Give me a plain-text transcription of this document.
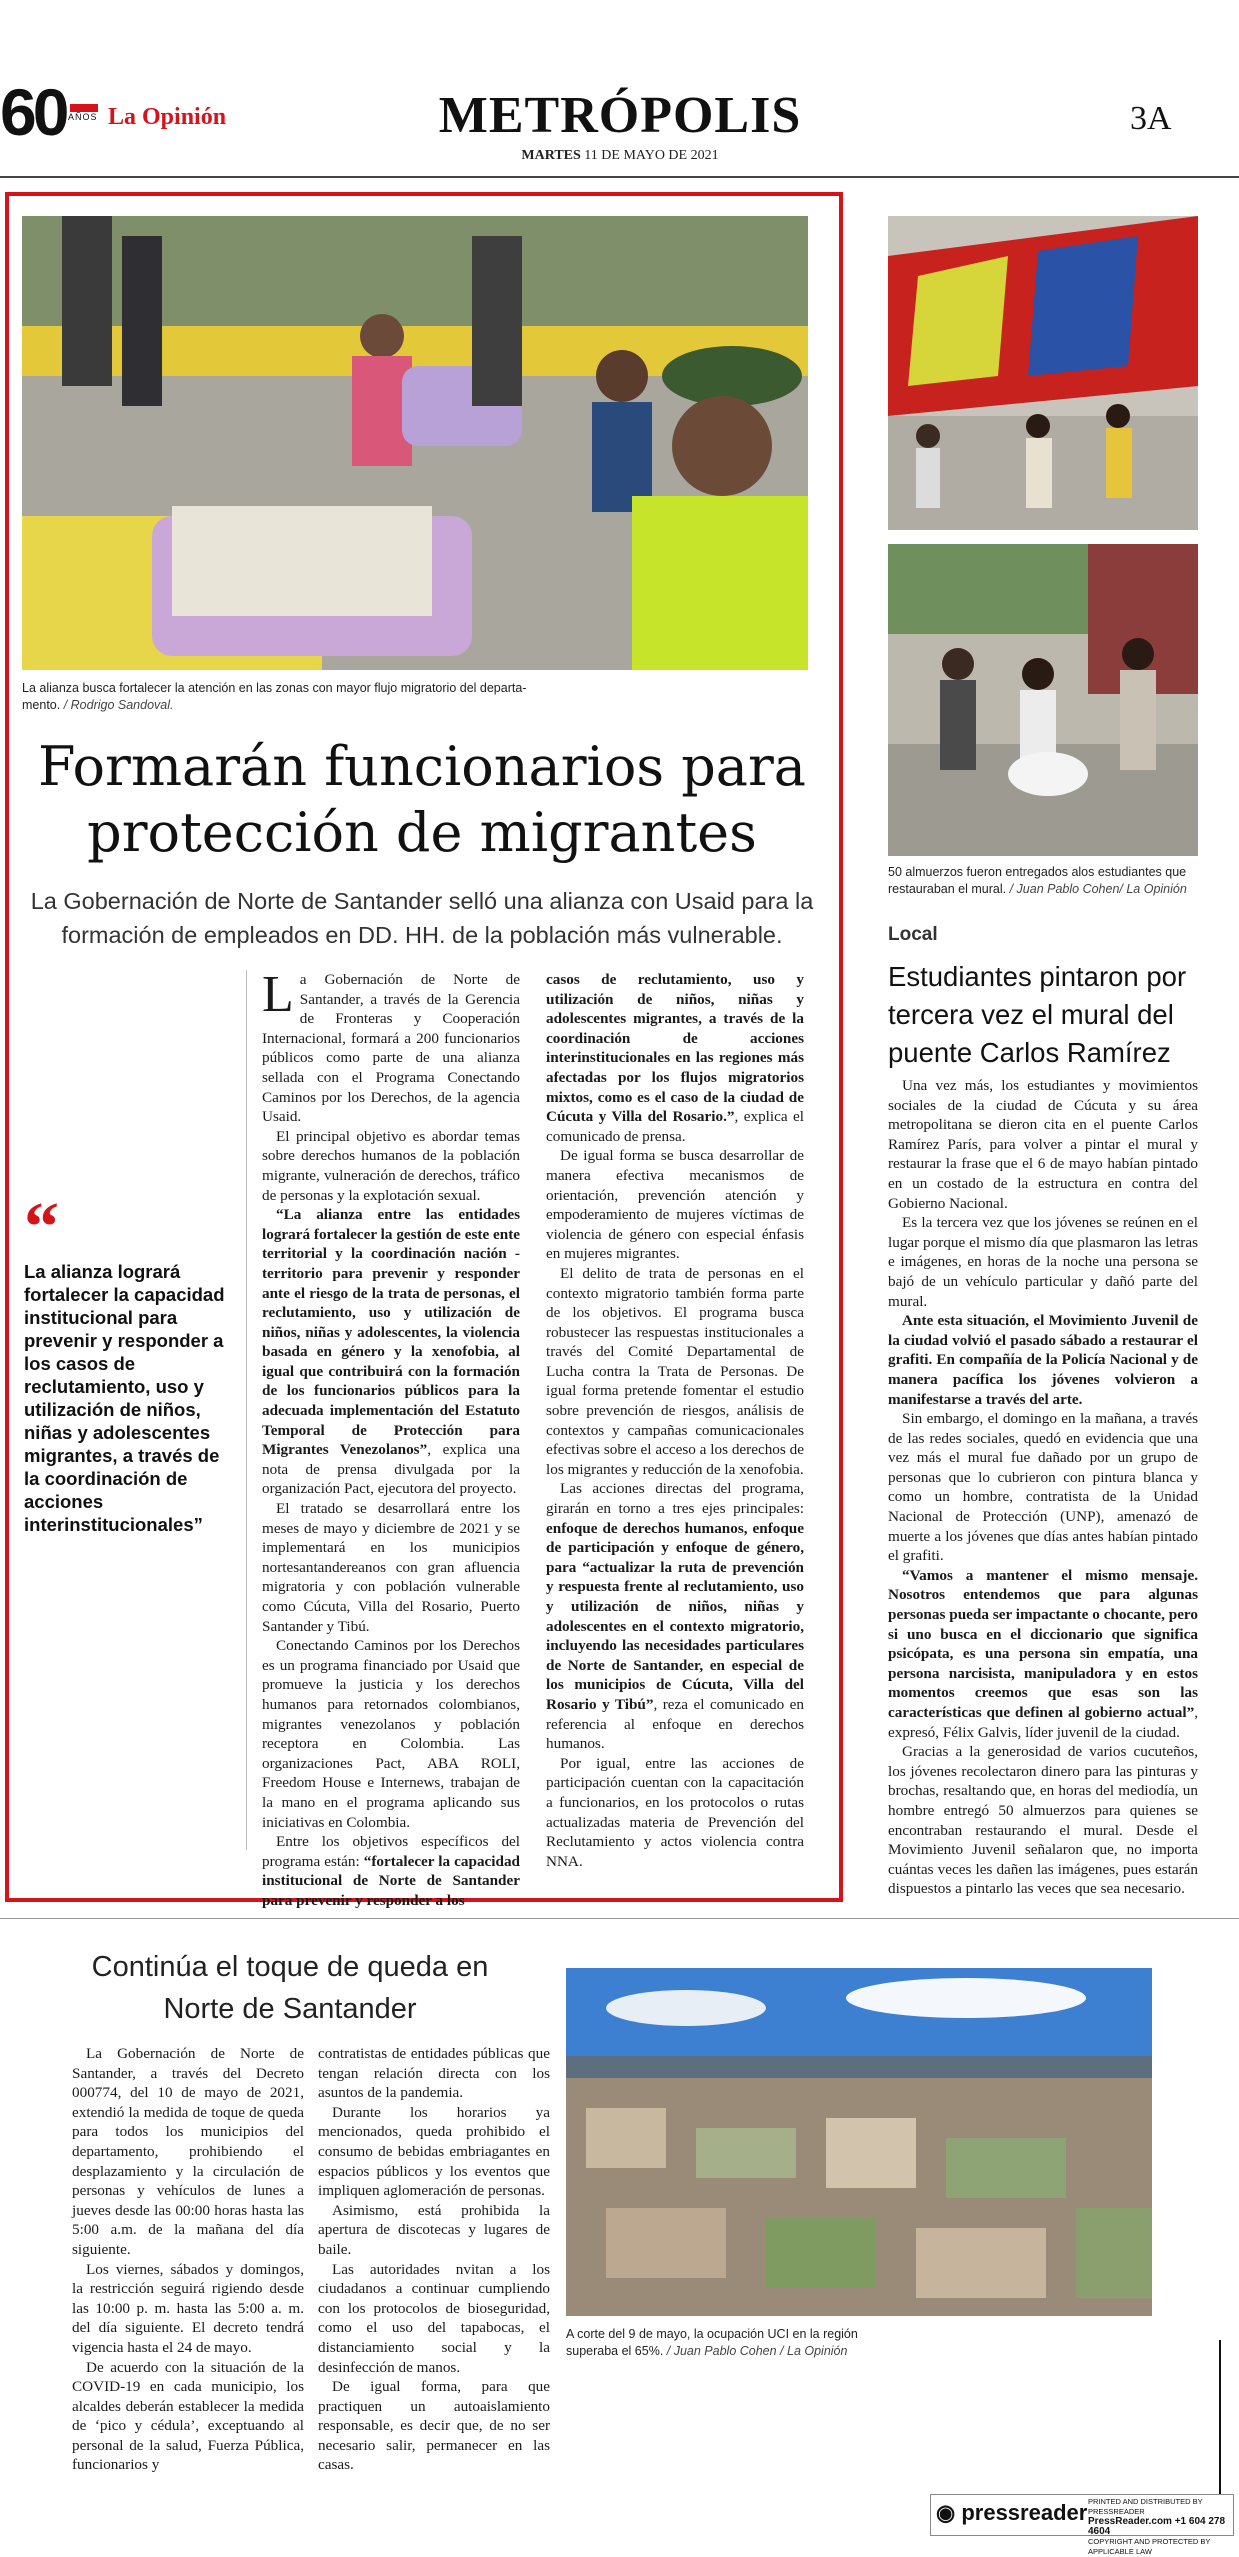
60 AÑOS La Opinión	METRÓPOLIS
MARTES 11 DE MAYO DE 2021
3A
La alianza busca fortalecer la atención en las zonas con mayor flujo migratorio del departa-mento. / Rodrigo Sandoval.
Formarán funcionarios para protección de migrantes
La Gobernación de Norte de Santander selló una alianza con Usaid para la formación de empleados en DD. HH. de la población más vulnerable.
“
La alianza logrará fortalecer la capacidad institucional para prevenir y responder a los casos de reclutamiento, uso y utilización de niños, niñas y adolescentes migrantes, a través de la coordinación de acciones interinstitucionales”

La Gobernación de Norte de Santander, a través de la Gerencia de Fronteras y Cooperación Internacional, formará a 200 funcionarios públicos como parte de una alianza sellada con el Programa Conectando Caminos por los Derechos, de la agencia Usaid.

El principal objetivo es abordar temas sobre derechos humanos de la población migrante, vulneración de derechos, tráfico de personas y la explotación sexual.

“La alianza entre las entidades logrará fortalecer la gestión de este ente territorial y la coordinación nación - territorio para prevenir y responder ante el riesgo de la trata de personas, el reclutamiento, uso y utilización de niños, niñas y adolescentes, la violencia basada en género y la xenofobia, al igual que contribuirá con la formación de los funcionarios públicos para la adecuada implementación del Estatuto Temporal de Protección para Migrantes Venezolanos”, explica una nota de prensa divulgada por la organización Pact, ejecutora del proyecto.

El tratado se desarrollará entre los meses de mayo y diciembre de 2021 y se implementará en los municipios nortesantandereanos con gran afluencia migratoria y con población vulnerable como Cúcuta, Villa del Rosario, Puerto Santander y Tibú.

Conectando Caminos por los Derechos es un programa financiado por Usaid que promueve la justicia y los derechos humanos para retornados colombianos, migrantes venezolanos y población receptora en Colombia. Las organizaciones Pact, ABA ROLI, Freedom House e Internews, trabajan de la mano en el programa aplicando sus iniciativas en Colombia.

Entre los objetivos específicos del programa están: “fortalecer la capacidad institucional de Norte de Santander para prevenir y responder a los

casos de reclutamiento, uso y utilización de niños, niñas y adolescentes migrantes, a través de la coordinación de acciones interinstitucionales en las regiones más afectadas por los flujos migratorios mixtos, como es el caso de la ciudad de Cúcuta y Villa del Rosario.”, explica el comunicado de prensa.

De igual forma se busca desarrollar de manera efectiva mecanismos de orientación, prevención atención y empoderamiento de mujeres víctimas de violencia de género con especial énfasis en mujeres migrantes.

El delito de trata de personas en el contexto migratorio también forma parte de los objetivos. El programa busca robustecer las respuestas institucionales a través del Comité Departamental de Lucha contra la Trata de Personas. De igual forma pretende fomentar el estudio sobre prevención de riesgos, análisis de contextos y campañas comunicacionales efectivas sobre el acceso a los derechos de los migrantes y reducción de la xenofobia.

Las acciones directas del programa, girarán en torno a tres ejes principales: enfoque de derechos humanos, enfoque de participación y enfoque de género, para “actualizar la ruta de prevención y respuesta frente al reclutamiento, uso y utilización de niños, niñas y adolescentes en el contexto migratorio, incluyendo las necesidades particulares de Norte de Santander, en especial de los municipios de Cúcuta, Villa del Rosario y Tibú”, reza el comunicado en referencia al enfoque en derechos humanos.

Por igual, entre las acciones de participación cuentan con la capacitación a funcionarios, en los protocolos o rutas actualizadas materia de Prevención del Reclutamiento y actos violencia contra NNA.

50 almuerzos fueron entregados alos estudiantes que restauraban el mural. / Juan Pablo Cohen/ La Opinión
Local
Estudiantes pintaron por tercera vez el mural del puente Carlos Ramírez

Una vez más, los estudiantes y movimientos sociales de la ciudad de Cúcuta y su área metropolitana se dieron cita en el puente Carlos Ramírez París, para volver a pintar el mural y restaurar la frase que el 6 de mayo habían pintado en un costado de la estructura en contra del Gobierno Nacional.

Es la tercera vez que los jóvenes se reúnen en el lugar porque el mismo día que plasmaron las letras e imágenes, en horas de la noche una persona se bajó de un vehículo particular y dañó parte del mural.

Ante esta situación, el Movimiento Juvenil de la ciudad volvió el pasado sábado a restaurar el grafiti. En compañía de la Policía Nacional y de manera pacífica los jóvenes volvieron a manifestarse a través del arte.

Sin embargo, el domingo en la mañana, a través de las redes sociales, quedó en evidencia que una vez más el mural fue dañado por un grupo de personas que lo cubrieron con pintura blanca y como un hombre, contratista de la Unidad Nacional de Protección (UNP), amenazó de muerte a los jóvenes que días antes habían pintado el grafiti.

“Vamos a mantener el mismo mensaje. Nosotros entendemos que para algunas personas pueda ser impactante o chocante, pero si uno busca en el diccionario que significa psicópata, es una persona sin empatía, una persona narcisista, manipuladora y en estos momentos creemos que esas son las características que definen al gobierno actual”, expresó, Félix Galvis, líder juvenil de la ciudad.

Gracias a la generosidad de varios cucuteños, los jóvenes recolectaron dinero para las pinturas y brochas, resaltando que, en horas del mediodía, un hombre entregó 50 almuerzos para quienes se encontraban restaurando el mural. Desde el Movimiento Juvenil señalaron que, no importa cuántas veces les dañen las imágenes, pues estarán dispuestos a pintarlo las veces que sea necesario.

Continúa el toque de queda en Norte de Santander

La Gobernación de Norte de Santander, a través del Decreto 000774, del 10 de mayo de 2021, extendió la medida de toque de queda para todos los municipios del departamento, prohibiendo el desplazamiento y la circulación de personas y vehículos de lunes a jueves desde las 00:00 horas hasta las 5:00 a.m. de la mañana del día siguiente.

Los viernes, sábados y domingos, la restricción seguirá rigiendo desde las 10:00 p. m. hasta las 5:00 a. m. del día siguiente. El decreto tendrá vigencia hasta el 24 de mayo.

De acuerdo con la situación de la COVID-19 en cada municipio, los alcaldes deberán establecer la medida de ‘pico y cédula’, exceptuando al personal de la salud, Fuerza Pública, funcionarios y

contratistas de entidades públicas que tengan relación directa con los asuntos de la pandemia.

Durante los horarios ya mencionados, queda prohibido el consumo de bebidas embriagantes en espacios públicos y los eventos que impliquen aglomeración de personas.

Asimismo, está prohibida la apertura de discotecas y lugares de baile.

Las autoridades nvitan a los ciudadanos a continuar cumpliendo con los protocolos de bioseguridad, como el uso del tapabocas, el distanciamiento social y la desinfección de manos.

De igual forma, para que practiquen un autoaislamiento responsable, es decir que, de no ser necesario salir, permanecer en las casas.

A corte del 9 de mayo, la ocupación UCI en la región superaba el 65%. / Juan Pablo Cohen / La Opinión
◉ pressreader PRINTED AND DISTRIBUTED BY PRESSREADER
PressReader.com +1 604 278 4604
COPYRIGHT AND PROTECTED BY APPLICABLE LAW
